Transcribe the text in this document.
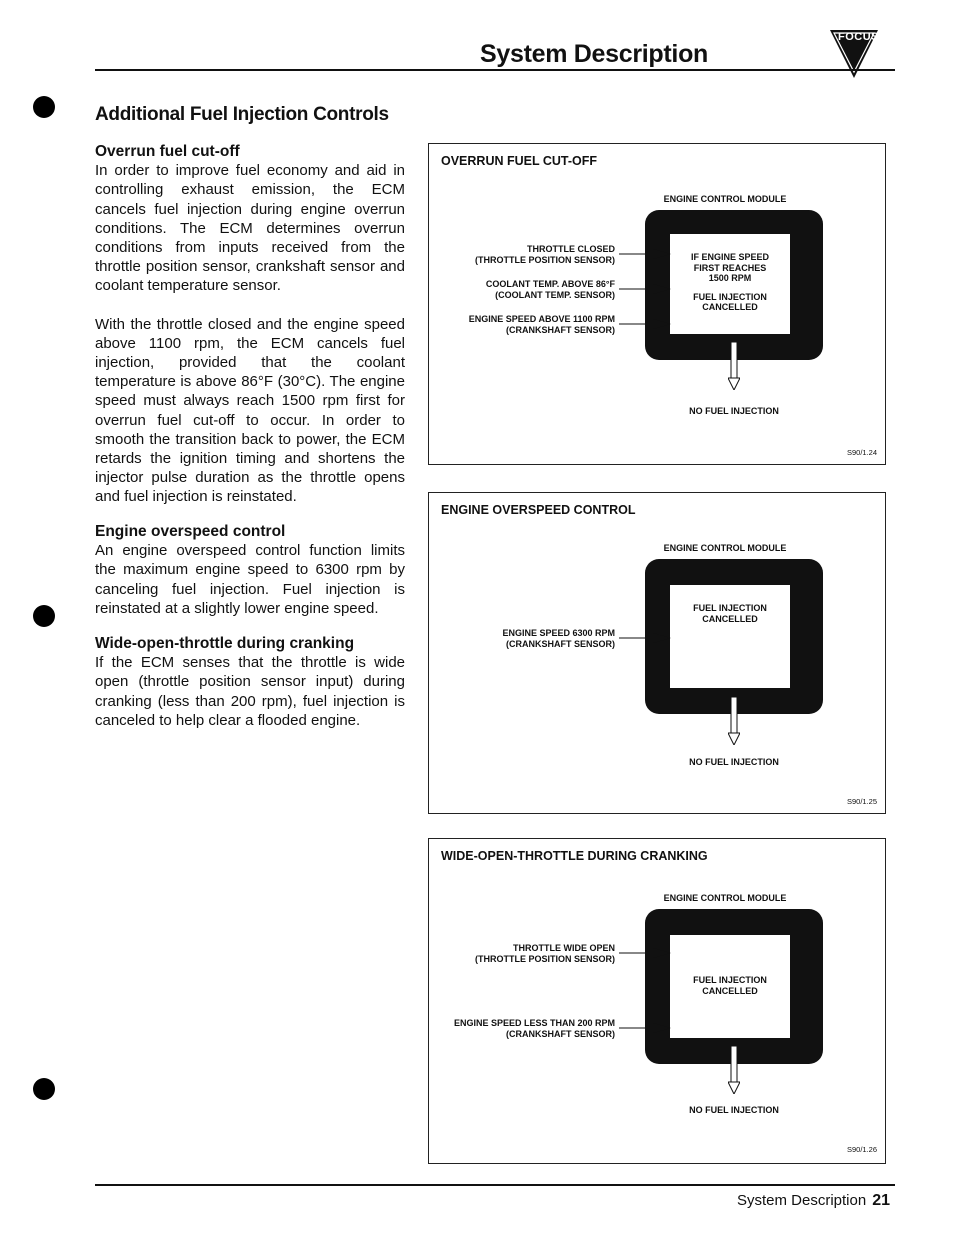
System Description
FOCUS
Additional Fuel Injection Controls
Overrun fuel cut-off

In order to improve fuel economy and aid in controlling exhaust emission, the ECM cancels fuel injection during engine overrun conditions. The ECM determines overrun conditions from inputs received from the throttle position sensor, crankshaft sensor and coolant temperature sensor.

With the throttle closed and the engine speed above 1100 rpm, the ECM cancels fuel injection, provided that the coolant temperature is above 86°F (30°C). The engine speed must always reach 1500 rpm first for overrun fuel cut-off to occur. In order to smooth the transition back to power, the ECM retards the ignition timing and shortens the injector pulse duration as the throttle opens and fuel injection is reinstated.

Engine overspeed control

An engine overspeed control function limits the maximum engine speed to 6300 rpm by canceling fuel injection. Fuel injection is reinstated at a slightly lower engine speed.

Wide-open-throttle during cranking

If the ECM senses that the throttle is wide open (throttle position sensor input) during cranking (less than 200 rpm), fuel injection is canceled to help clear a flooded engine.

OVERRUN FUEL CUT-OFF
ENGINE CONTROL MODULE
IF ENGINE SPEED
FIRST REACHES
1500 RPM
FUEL INJECTION
CANCELLED
THROTTLE CLOSED
(THROTTLE POSITION SENSOR)
COOLANT TEMP. ABOVE 86°F
(COOLANT TEMP. SENSOR)
ENGINE SPEED ABOVE 1100 RPM
(CRANKSHAFT SENSOR)
NO FUEL INJECTION
S90/1.24
ENGINE OVERSPEED CONTROL
ENGINE CONTROL MODULE
FUEL INJECTION
CANCELLED
ENGINE SPEED 6300 RPM
(CRANKSHAFT SENSOR)
NO FUEL INJECTION
S90/1.25
WIDE-OPEN-THROTTLE DURING CRANKING
ENGINE CONTROL MODULE
FUEL INJECTION
CANCELLED
THROTTLE WIDE OPEN
(THROTTLE POSITION SENSOR)
ENGINE SPEED LESS THAN 200 RPM
(CRANKSHAFT SENSOR)
NO FUEL INJECTION
S90/1.26
System Description 21
